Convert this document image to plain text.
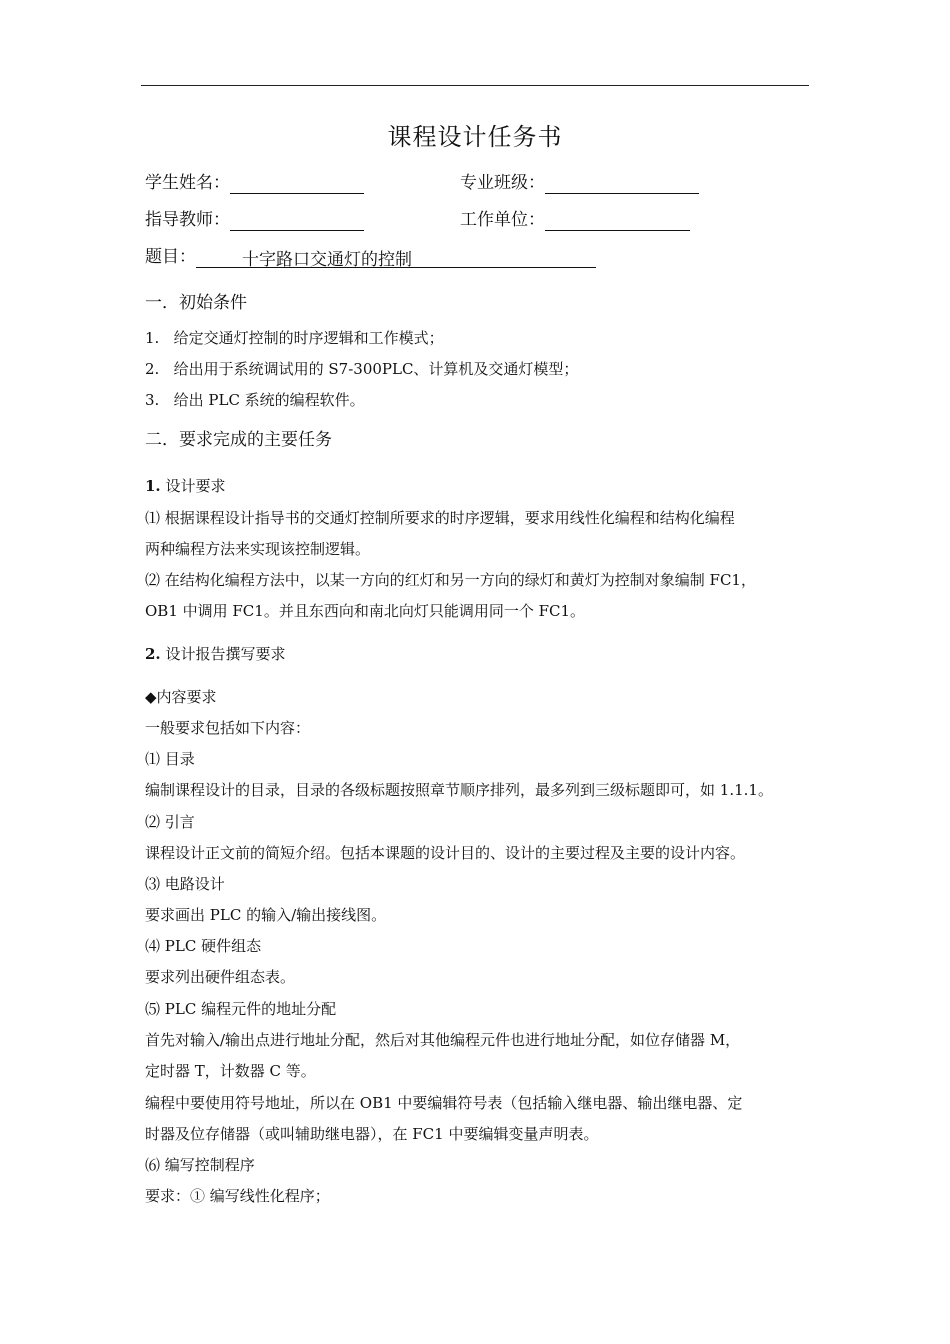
课程设计任务书
学生姓名：	专业班级：
指导教师：	工作单位：
题目：	十字路口交通灯的控制
一．初始条件
1.   给定交通灯控制的时序逻辑和工作模式；
2.   给出用于系统调试用的 S7-300PLC、计算机及交通灯模型；
3.   给出 PLC 系统的编程软件。
二．要求完成的主要任务
1. 设计要求
⑴ 根据课程设计指导书的交通灯控制所要求的时序逻辑，要求用线性化编程和结构化编程
两种编程方法来实现该控制逻辑。
⑵ 在结构化编程方法中，以某一方向的红灯和另一方向的绿灯和黄灯为控制对象编制 FC1，
OB1 中调用 FC1。并且东西向和南北向灯只能调用同一个 FC1。
2. 设计报告撰写要求
◆内容要求
一般要求包括如下内容：
⑴ 目录
编制课程设计的目录，目录的各级标题按照章节顺序排列，最多列到三级标题即可，如 1.1.1。
⑵ 引言
课程设计正文前的简短介绍。包括本课题的设计目的、设计的主要过程及主要的设计内容。
⑶ 电路设计
要求画出 PLC 的输入/输出接线图。
⑷ PLC 硬件组态
要求列出硬件组态表。
⑸ PLC 编程元件的地址分配
首先对输入/输出点进行地址分配，然后对其他编程元件也进行地址分配，如位存储器 M，
定时器 T，计数器 C 等。
编程中要使用符号地址，所以在 OB1 中要编辑符号表（包括输入继电器、输出继电器、定
时器及位存储器（或叫辅助继电器），在 FC1 中要编辑变量声明表。
⑹ 编写控制程序
要求：① 编写线性化程序；
